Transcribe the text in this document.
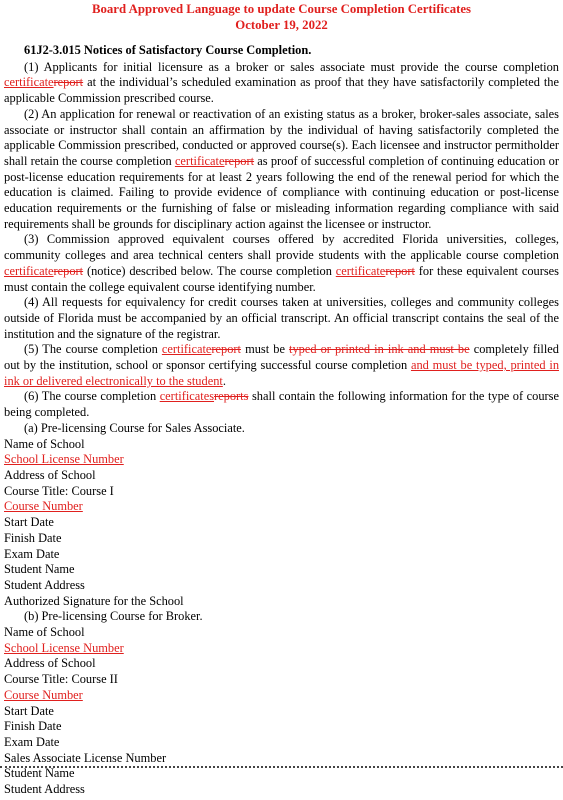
Board Approved Language to update Course Completion Certificates
October 19, 2022

61J2-3.015 Notices of Satisfactory Course Completion.

(1) Applicants for initial licensure as a broker or sales associate must provide the course completion certificatereport at the individual’s scheduled examination as proof that they have satisfactorily completed the applicable Commission prescribed course.

(2) An application for renewal or reactivation of an existing status as a broker, broker-sales associate, sales associate or instructor shall contain an affirmation by the individual of having satisfactorily completed the applicable Commission prescribed, conducted or approved course(s). Each licensee and instructor permitholder shall retain the course completion certificatereport as proof of successful completion of continuing education or post-license education requirements for at least 2 years following the end of the renewal period for which the education is claimed. Failing to provide evidence of compliance with continuing education or post-license education requirements or the furnishing of false or misleading information regarding compliance with said requirements shall be grounds for disciplinary action against the licensee or instructor.

(3) Commission approved equivalent courses offered by accredited Florida universities, colleges, community colleges and area technical centers shall provide students with the applicable course completion certificatereport (notice) described below. The course completion certificatereport for these equivalent courses must contain the college equivalent course identifying number.

(4) All requests for equivalency for credit courses taken at universities, colleges and community colleges outside of Florida must be accompanied by an official transcript. An official transcript contains the seal of the institution and the signature of the registrar.

(5) The course completion certificatereport must be typed or printed in ink and must be completely filled out by the institution, school or sponsor certifying successful course completion and must be typed, printed in ink or delivered electronically to the student.

(6) The course completion certificatesreports shall contain the following information for the type of course being completed.

(a) Pre-licensing Course for Sales Associate.

Name of School
School License Number
Address of School
Course Title: Course I
Course Number
Start Date
Finish Date
Exam Date
Student Name
Student Address
Authorized Signature for the School

(b) Pre-licensing Course for Broker.

Name of School
School License Number
Address of School
Course Title: Course II
Course Number
Start Date
Finish Date
Exam Date
Sales Associate License Number
Student Name
Student Address
